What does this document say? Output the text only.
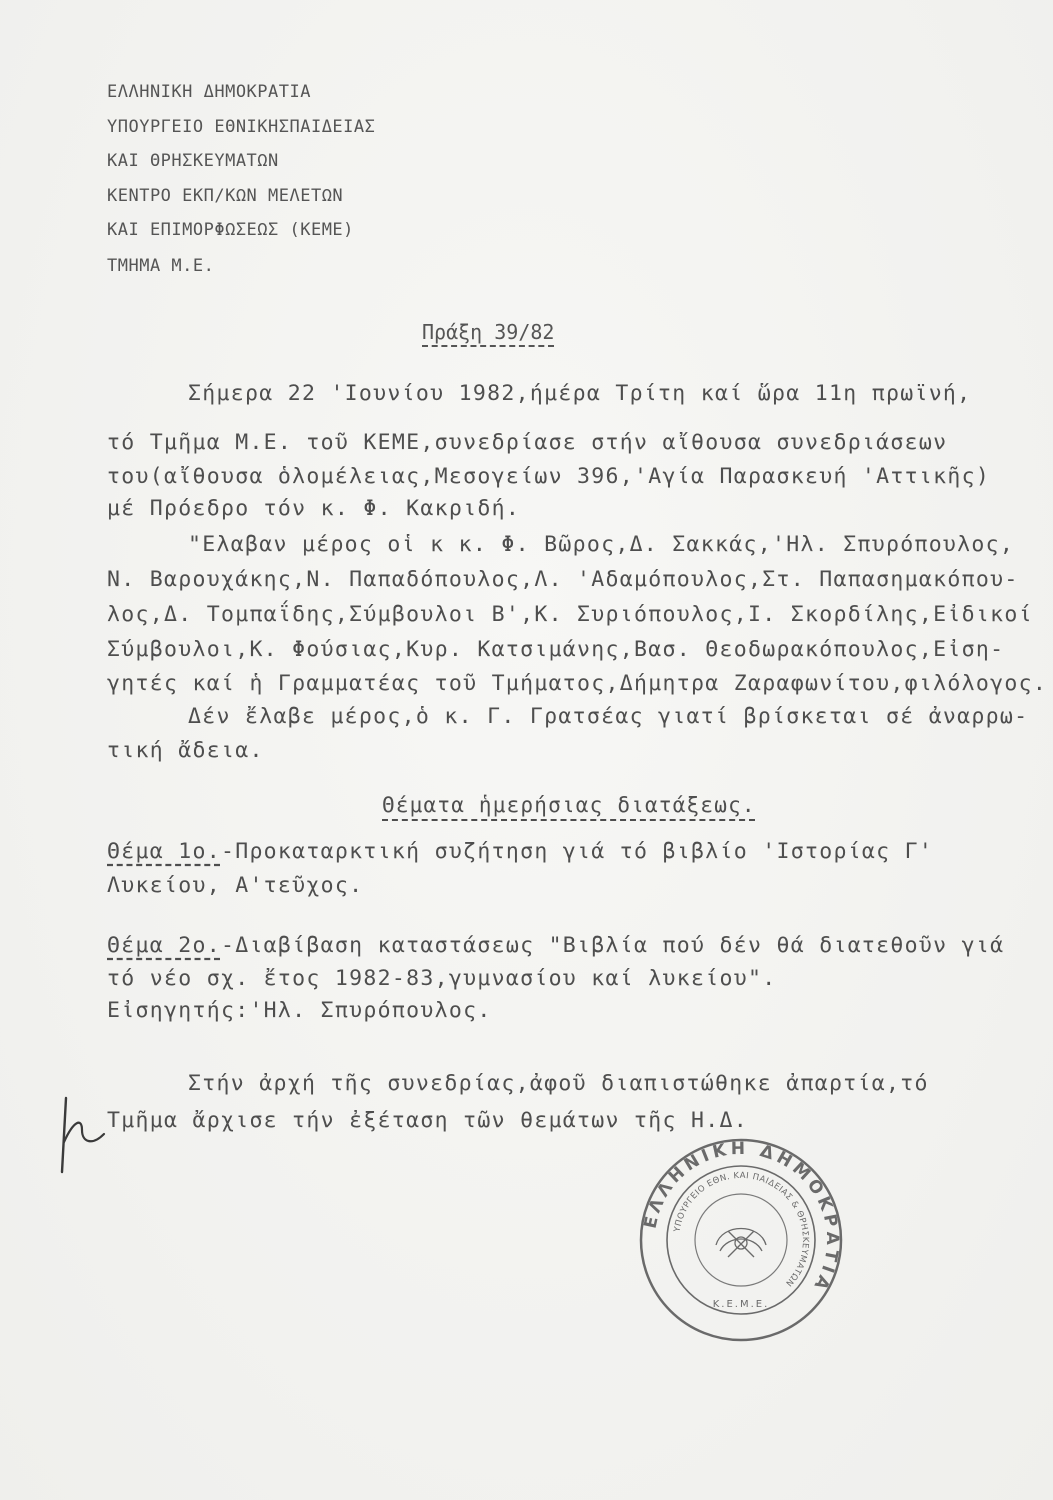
ΕΛΛΗΝΙΚΗ ΔΗΜΟΚΡΑΤΙΑ
ΥΠΟΥΡΓΕΙΟ ΕΘΝΙΚΗΣΠΑΙΔΕΙΑΣ
ΚΑΙ ΘΡΗΣΚΕΥΜΑΤΩΝ
ΚΕΝΤΡΟ ΕΚΠ/ΚΩΝ ΜΕΛΕΤΩΝ
ΚΑΙ ΕΠΙΜΟΡΦΩΣΕΩΣ (ΚΕΜΕ)
ΤΜΗΜΑ Μ.Ε.
Πράξη 39/82
Σήμερα 22 'Ιουνίου 1982,ήμέρα Τρίτη καί ὥρα 11η πρωϊνή,
τό Τμῆμα Μ.Ε. τοῦ ΚΕΜΕ,συνεδρίασε στήν αἴθουσα συνεδριάσεων
του(αἴθουσα ὁλομέλειας,Μεσογείων 396,'Αγία Παρασκευή 'Αττικῆς)
μέ Πρόεδρο τόν κ. Φ. Κακριδή.
"Ελαβαν μέρος οἱ κ κ. Φ. Βῶρος,Δ. Σακκάς,'Ηλ. Σπυρόπουλος,
Ν. Βαρουχάκης,Ν. Παπαδόπουλος,Λ. 'Αδαμόπουλος,Στ. Παπασημακόπου-
λος,Δ. Τομπαΐδης,Σύμβουλοι Β',Κ. Συριόπουλος,Ι. Σκορδίλης,Εἰδικοί
Σύμβουλοι,Κ. Φούσιας,Κυρ. Κατσιμάνης,Βασ. Θεοδωρακόπουλος,Εἰση-
γητές καί ἡ Γραμματέας τοῦ Τμήματος,Δήμητρα Ζαραφωνίτου,φιλόλογος.
Δέν ἔλαβε μέρος,ὁ κ. Γ. Γρατσέας γιατί βρίσκεται σέ ἀναρρω-
τική ἄδεια.
Θέματα ἡμερήσιας διατάξεως.
Θέμα 1ο.-Προκαταρκτική συζήτηση γιά τό βιβλίο 'Ιστορίας Γ'
Λυκείου, Α'τεῦχος.
Θέμα 2ο.-Διαβίβαση καταστάσεως "Βιβλία πού δέν θά διατεθοῦν γιά
τό νέο σχ. ἔτος 1982-83,γυμνασίου καί λυκείου".
Εἰσηγητής:'Ηλ. Σπυρόπουλος.
Στήν ἀρχή τῆς συνεδρίας,ἀφοῦ διαπιστώθηκε ἀπαρτία,τό
Τμῆμα ἄρχισε τήν ἐξέταση τῶν θεμάτων τῆς Η.Δ.
ΕΛΛΗΝΙΚΗ ΔΗΜΟΚΡΑΤΙΑ
ΥΠΟΥΡΓΕΙΟ ΕΘΝ. ΚΑΙ ΠΑΙΔΕΙΑΣ & ΘΡΗΣΚΕΥΜΑΤΩΝ
Κ.Ε.Μ.Ε.
